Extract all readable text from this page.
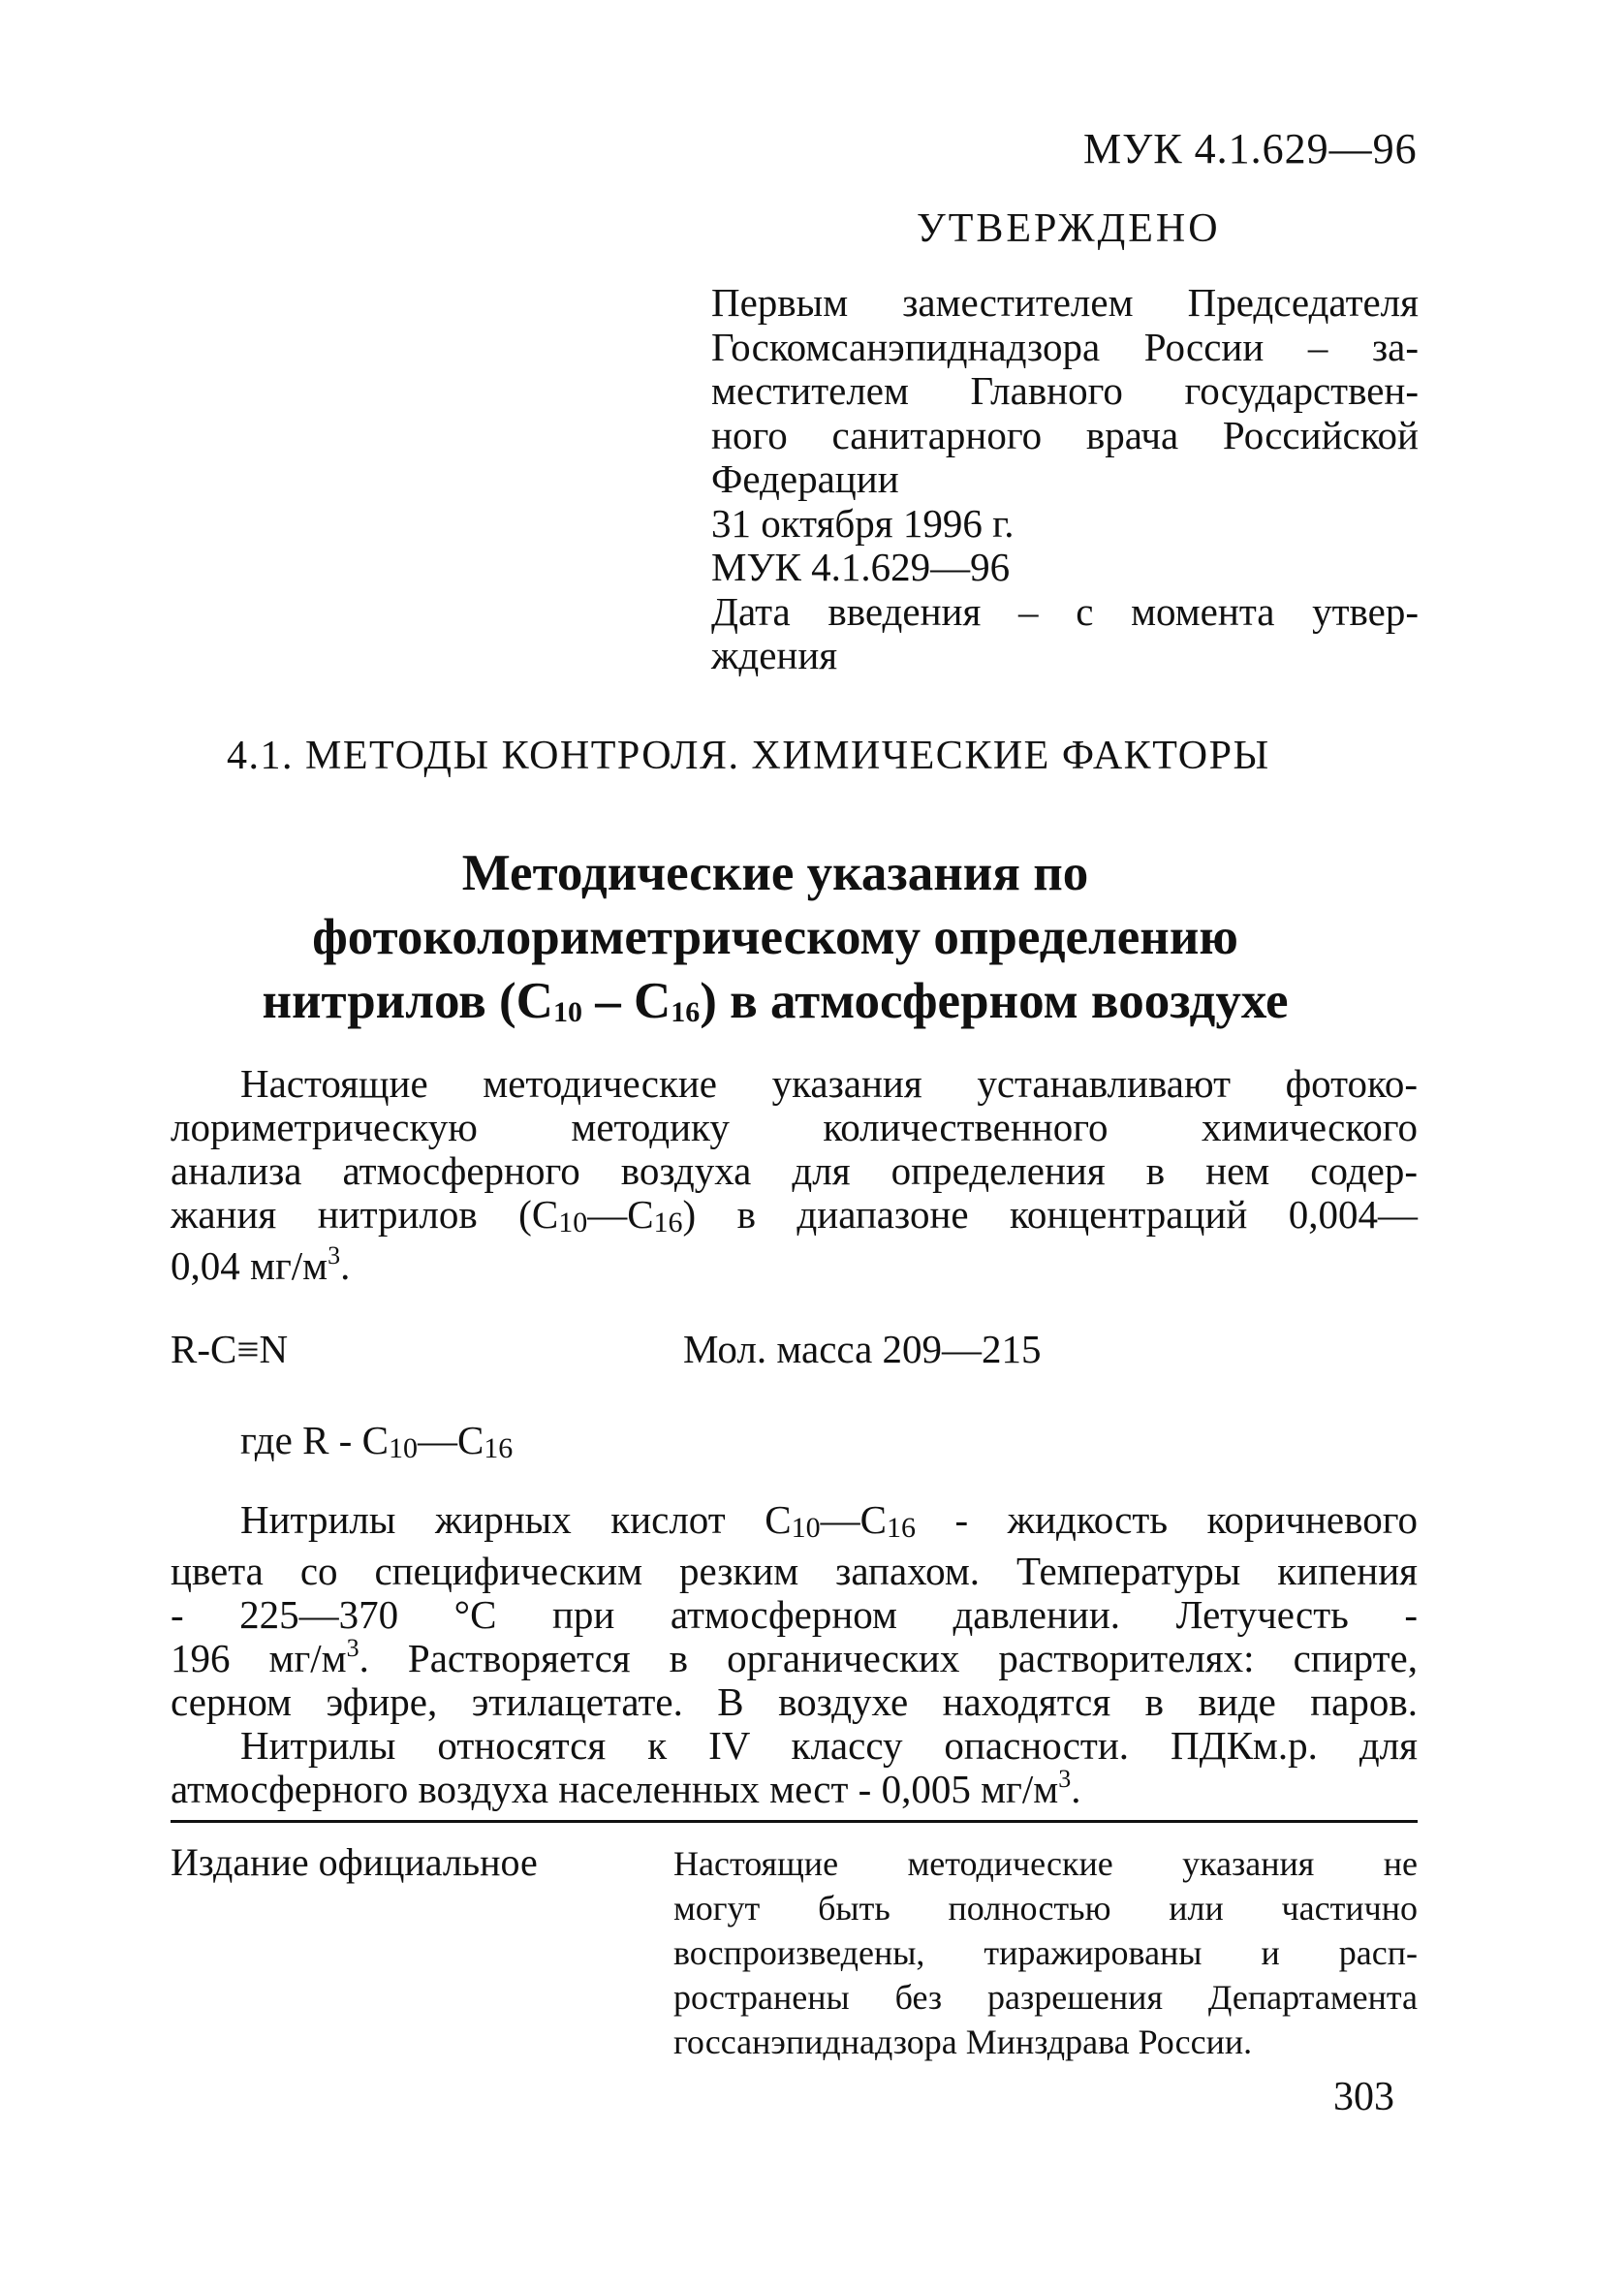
МУК 4.1.629—96
УТВЕРЖДЕНО
Первым заместителем Председателя
Госкомсанэпиднадзора России – за-
местителем Главного государствен-
ного санитарного врача Российской
Федерации
31 октября 1996 г.
МУК 4.1.629—96
Дата введения – с момента утвер-
ждения
4.1. МЕТОДЫ КОНТРОЛЯ. ХИМИЧЕСКИЕ ФАКТОРЫ
Методические указания по
фотоколориметрическому определению
нитрилов $(C_{10} - C_{16})$ в атмосферном вооздухе
Настоящие методические указания устанавливают фотоко-
лориметрическую методику количественного химического
анализа атмосферного воздуха для определения в нем содер-
жания нитрилов $(C_{10}—C_{16})$ в диапазоне концентраций 0,004—
0,04 $мг/м^3$.
R-C≡N	Мол. масса 209—215
где R - $C_{10}—C_{16}$
Нитрилы жирных кислот $C_{10}—C_{16}$ - жидкость коричневого
цвета со специфическим резким запахом. Температуры кипения
- 225—370 °C при атмосферном давлении. Летучесть -
196 $мг/м^3$. Растворяется в органических растворителях: спирте,
серном эфире, этилацетате. В воздухе находятся в виде паров.
Нитрилы относятся к IV классу опасности. ПДКм.р. для
атмосферного воздуха населенных мест - 0,005 $мг/м^3$.
Издание официальное	Настоящие методические указания не
могут быть полностью или частично
воспроизведены, тиражированы и расп-
ространены без разрешения Департамента
госсанэпиднадзора Минздрава России.
303
